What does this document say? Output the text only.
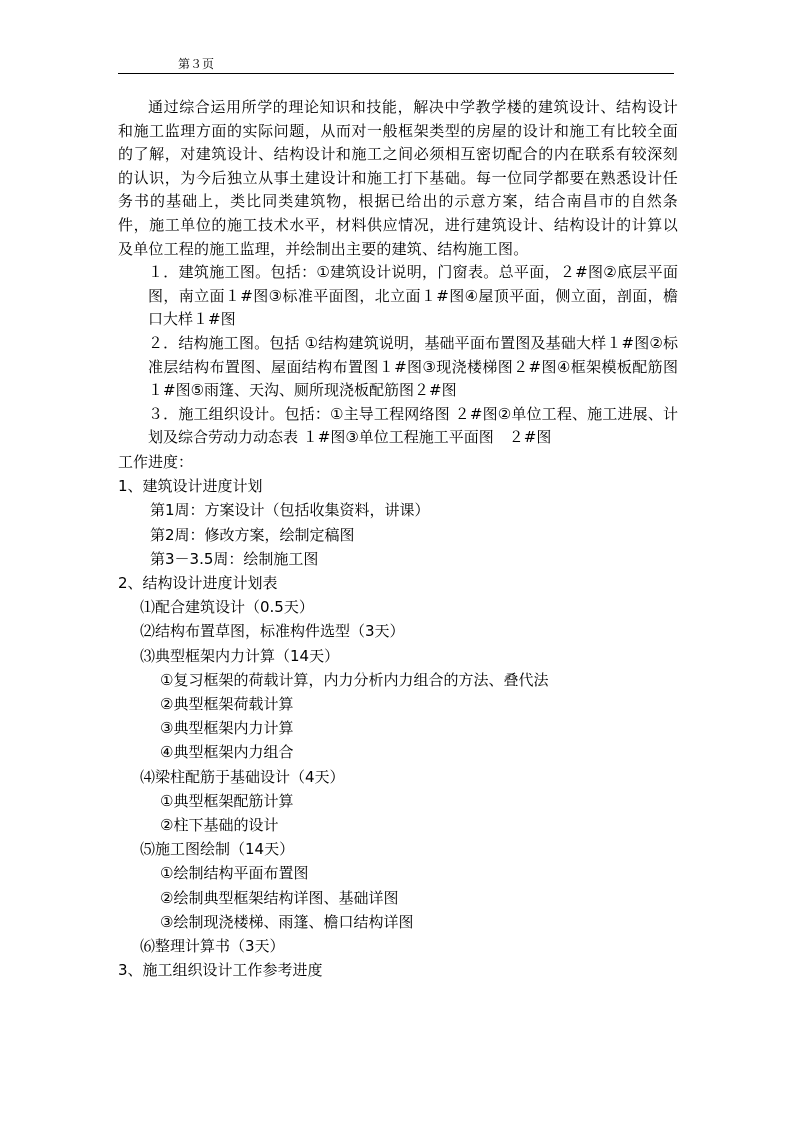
第３页

通过综合运用所学的理论知识和技能，解决中学教学楼的建筑设计、结构设计和施工监理方面的实际问题，从而对一般框架类型的房屋的设计和施工有比较全面的了解，对建筑设计、结构设计和施工之间必须相互密切配合的内在联系有较深刻的认识，为今后独立从事土建设计和施工打下基础。每一位同学都要在熟悉设计任务书的基础上，类比同类建筑物，根据已给出的示意方案，结合南昌市的自然条件，施工单位的施工技术水平，材料供应情况，进行建筑设计、结构设计的计算以及单位工程的施工监理，并绘制出主要的建筑、结构施工图。

１．建筑施工图。包括：①建筑设计说明，门窗表。总平面，２#图②底层平面图，南立面１#图③标准平面图，北立面１#图④屋顶平面，侧立面，剖面，檐口大样１#图

２．结构施工图。包括 ①结构建筑说明，基础平面布置图及基础大样１#图②标准层结构布置图、屋面结构布置图１#图③现浇楼梯图２#图④框架模板配筋图１#图⑤雨篷、天沟、厕所现浇板配筋图２#图

３．施工组织设计。包括：①主导工程网络图 ２#图②单位工程、施工进展、计划及综合劳动力动态表 １#图③单位工程施工平面图　２#图

工作进度：

1、建筑设计进度计划

第1周：方案设计（包括收集资料，讲课）

第2周：修改方案，绘制定稿图

第3－3.5周：绘制施工图

2、结构设计进度计划表

⑴配合建筑设计（0.5天）

⑵结构布置草图，标准构件选型（3天）

⑶典型框架内力计算（14天）

①复习框架的荷载计算，内力分析内力组合的方法、叠代法

②典型框架荷载计算

③典型框架内力计算

④典型框架内力组合

⑷梁柱配筋于基础设计（4天）

①典型框架配筋计算

②柱下基础的设计

⑸施工图绘制（14天）

①绘制结构平面布置图

②绘制典型框架结构详图、基础详图

③绘制现浇楼梯、雨篷、檐口结构详图

⑹整理计算书（3天）

3、施工组织设计工作参考进度
